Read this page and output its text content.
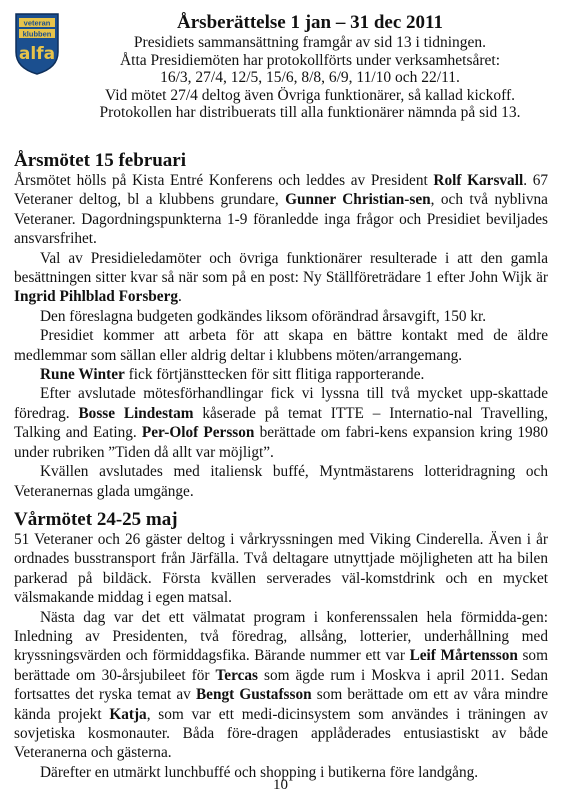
veteran
klubben
alfa
Årsberättelse 1 jan – 31 dec 2011

Presidiets sammansättning framgår av sid 13 i tidningen.

Åtta Presidiemöten har protokollförts under verksamhetsåret:

16/3, 27/4, 12/5, 15/6, 8/8, 6/9, 11/10 och 22/11.

Vid mötet 27/4 deltog även Övriga funktionärer, så kallad kickoff.

Protokollen har distribuerats till alla funktionärer nämnda på sid 13.

Årsmötet 15 februari

Årsmötet hölls på Kista Entré Konferens och leddes av President Rolf Karsvall. 67 Veteraner deltog, bl a klubbens grundare, Gunner Christian-sen, och två nyblivna Veteraner. Dagordningspunkterna 1-9 föranledde inga frågor och Presidiet beviljades ansvarsfrihet.

Val av Presidieledamöter och övriga funktionärer resulterade i att den gamla besättningen sitter kvar så när som på en post: Ny Ställföreträdare 1 efter John Wijk är Ingrid Pihlblad Forsberg.

Den föreslagna budgeten godkändes liksom oförändrad årsavgift, 150 kr.

Presidiet kommer att arbeta för att skapa en bättre kontakt med de äldre medlemmar som sällan eller aldrig deltar i klubbens möten/arrangemang.

Rune Winter fick förtjänsttecken för sitt flitiga rapporterande.

Efter avslutade mötesförhandlingar fick vi lyssna till två mycket upp-skattade föredrag. Bosse Lindestam kåserade på temat ITTE – Internatio-nal Travelling, Talking and Eating. Per-Olof Persson berättade om fabri-kens expansion kring 1980 under rubriken ”Tiden då allt var möjligt”.

Kvällen avslutades med italiensk buffé, Myntmästarens lotteridragning och Veteranernas glada umgänge.

Vårmötet 24-25 maj

51 Veteraner och 26 gäster deltog i vårkryssningen med Viking Cinderella. Även i år ordnades busstransport från Järfälla. Två deltagare utnyttjade möjligheten att ha bilen parkerad på bildäck. Första kvällen serverades väl-komstdrink och en mycket välsmakande middag i egen matsal.

Nästa dag var det ett välmatat program i konferenssalen hela förmidda-gen: Inledning av Presidenten, två föredrag, allsång, lotterier, underhållning med kryssningsvärden och förmiddagsfika. Bärande nummer ett var Leif Mårtensson som berättade om 30-årsjubileet för Tercas som ägde rum i Moskva i april 2011. Sedan fortsattes det ryska temat av Bengt Gustafsson som berättade om ett av våra mindre kända projekt Katja, som var ett medi-dicinsystem som användes i träningen av sovjetiska kosmonauter. Båda före-dragen applåderades entusiastiskt av både Veteranerna och gästerna.

Därefter en utmärkt lunchbuffé och shopping i butikerna före landgång.

10
